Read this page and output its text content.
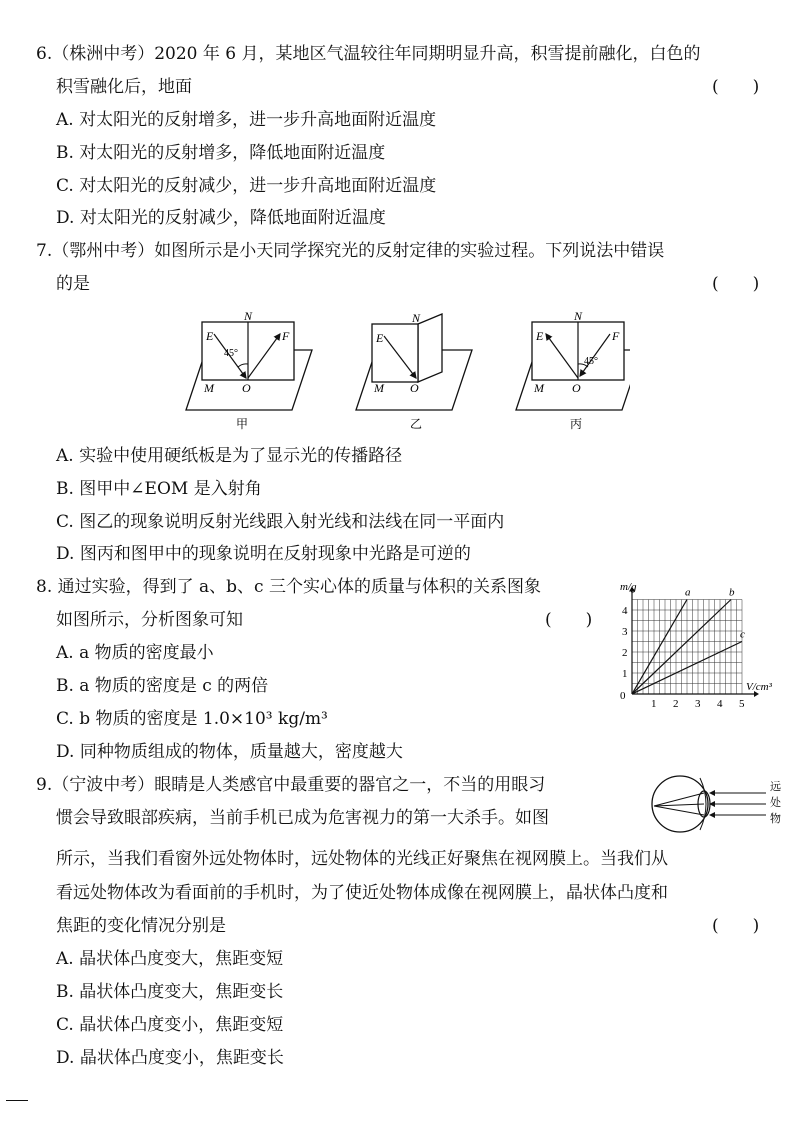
6.（株洲中考）2020 年 6 月，某地区气温较往年同期明显升高，积雪提前融化，白色的
积雪融化后，地面	(　　)
A. 对太阳光的反射增多，进一步升高地面附近温度
B. 对太阳光的反射增多，降低地面附近温度
C. 对太阳光的反射减少，进一步升高地面附近温度
D. 对太阳光的反射减少，降低地面附近温度
7.（鄂州中考）如图所示是小天同学探究光的反射定律的实验过程。下列说法中错误
的是	(　　)
N
E	F
45°
M O
甲
N
E
M O
乙
N
E	F
45°
M O
丙
A. 实验中使用硬纸板是为了显示光的传播路径
B. 图甲中∠EOM 是入射角
C. 图乙的现象说明反射光线跟入射光线和法线在同一平面内
D. 图丙和图甲中的现象说明在反射现象中光路是可逆的
8. 通过实验，得到了 a、b、c 三个实心体的质量与体积的关系图象
如图所示，分析图象可知	(　　)
A. a 物质的密度最小
B. a 物质的密度是 c 的两倍
C. b 物质的密度是 1.0×10³ kg/m³
D. 同种物质组成的物体，质量越大，密度越大
a	b
c
1 2 3 4 5
1
2
3
4
m/g
V/cm³
0
9.（宁波中考）眼睛是人类感官中最重要的器官之一，不当的用眼习
惯会导致眼部疾病，当前手机已成为危害视力的第一大杀手。如图
所示，当我们看窗外远处物体时，远处物体的光线正好聚焦在视网膜上。当我们从
看远处物体改为看面前的手机时，为了使近处物体成像在视网膜上，晶状体凸度和
焦距的变化情况分别是	(　　)
远
处
物
A. 晶状体凸度变大，焦距变短
B. 晶状体凸度变大，焦距变长
C. 晶状体凸度变小，焦距变短
D. 晶状体凸度变小，焦距变长
